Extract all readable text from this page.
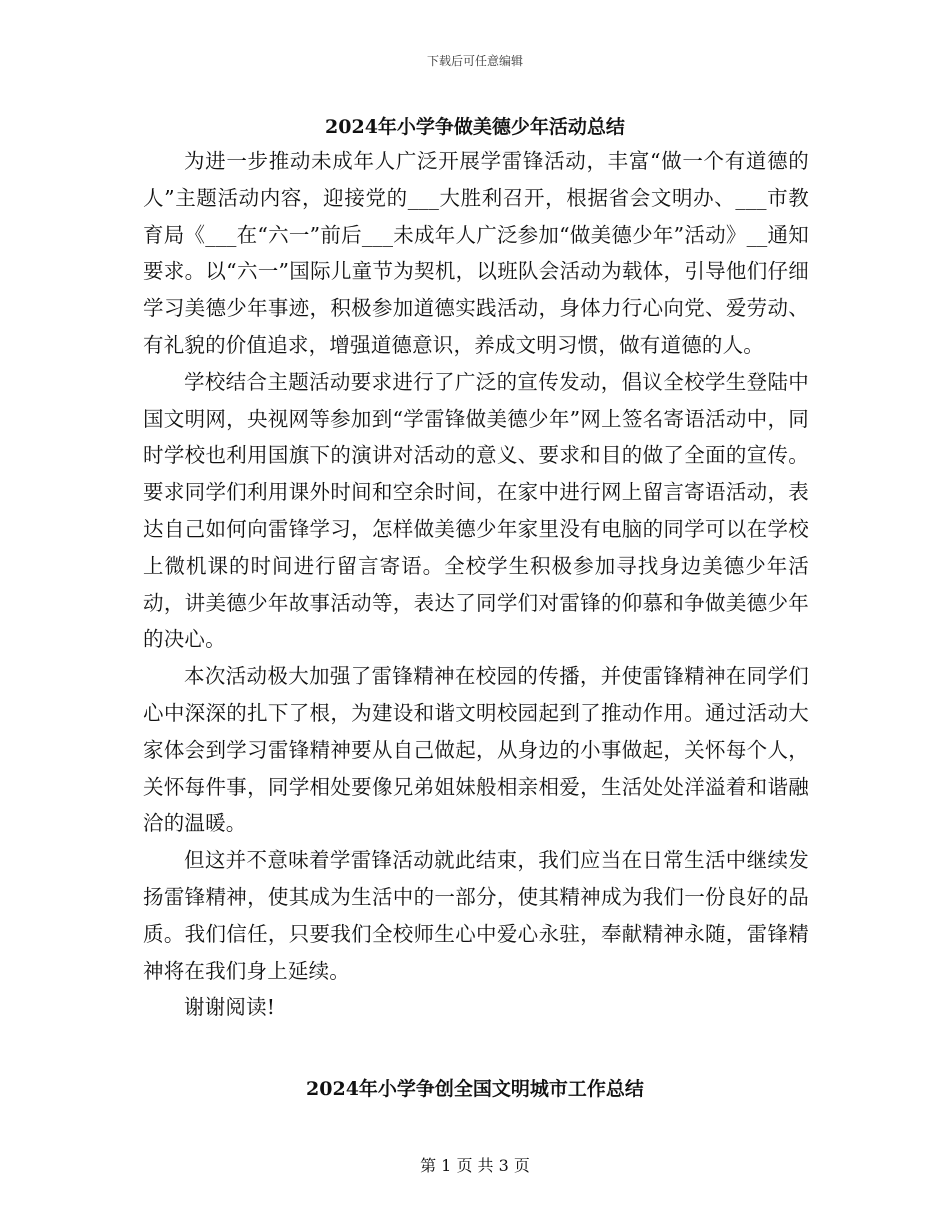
下载后可任意编辑
2024年小学争做美德少年活动总结

为进一步推动未成年人广泛开展学雷锋活动，丰富“做一个有道德的人”主题活动内容，迎接党的___大胜利召开，根据省会文明办、___市教育局《___在“六一”前后___未成年人广泛参加“做美德少年”活动》__通知要求。以“六一”国际儿童节为契机，以班队会活动为载体，引导他们仔细学习美德少年事迹，积极参加道德实践活动，身体力行心向党、爱劳动、有礼貌的价值追求，增强道德意识，养成文明习惯，做有道德的人。

学校结合主题活动要求进行了广泛的宣传发动，倡议全校学生登陆中国文明网，央视网等参加到“学雷锋做美德少年”网上签名寄语活动中，同时学校也利用国旗下的演讲对活动的意义、要求和目的做了全面的宣传。要求同学们利用课外时间和空余时间，在家中进行网上留言寄语活动，表达自己如何向雷锋学习，怎样做美德少年家里没有电脑的同学可以在学校上微机课的时间进行留言寄语。全校学生积极参加寻找身边美德少年活动，讲美德少年故事活动等，表达了同学们对雷锋的仰慕和争做美德少年的决心。

本次活动极大加强了雷锋精神在校园的传播，并使雷锋精神在同学们心中深深的扎下了根，为建设和谐文明校园起到了推动作用。通过活动大家体会到学习雷锋精神要从自己做起，从身边的小事做起，关怀每个人，关怀每件事，同学相处要像兄弟姐妹般相亲相爱，生活处处洋溢着和谐融洽的温暖。

但这并不意味着学雷锋活动就此结束，我们应当在日常生活中继续发扬雷锋精神，使其成为生活中的一部分，使其精神成为我们一份良好的品质。我们信任，只要我们全校师生心中爱心永驻，奉献精神永随，雷锋精神将在我们身上延续。

谢谢阅读!

2024年小学争创全国文明城市工作总结
第 1 页 共 3 页
